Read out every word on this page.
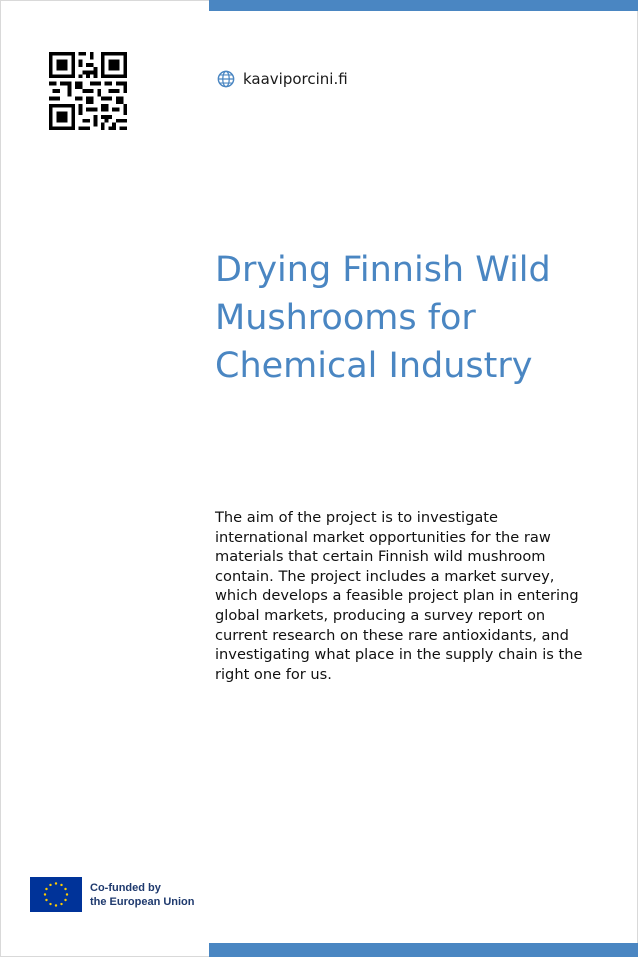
kaaviporcini.fi
Drying Finnish Wild Mushrooms for Chemical Industry

The aim of the project is to investigate international market opportunities for the raw materials that certain Finnish wild mushroom contain. The project includes a market survey, which develops a feasible project plan in entering global markets, producing a survey report on current research on these rare antioxidants, and investigating what place in the supply chain is the right one for us.

Co-funded by
the European Union
